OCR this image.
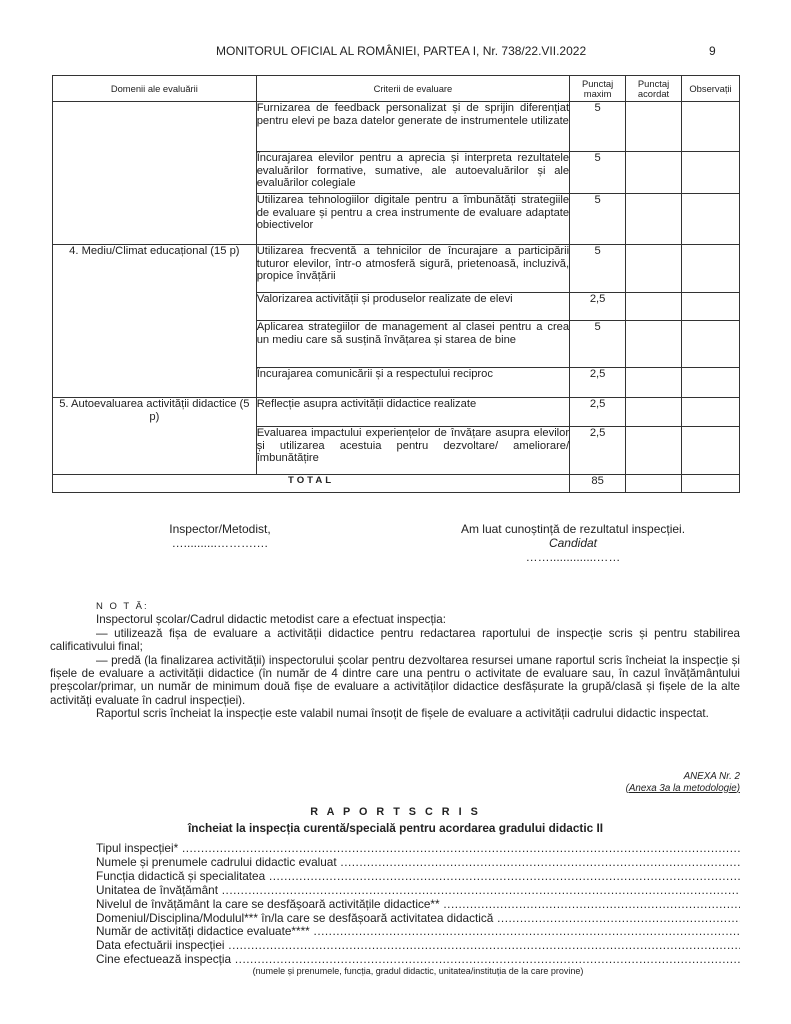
MONITORUL OFICIAL AL ROMÂNIEI, PARTEA I, Nr. 738/22.VII.2022	9
Domenii ale evaluării	Criterii de evaluare	Punctaj maxim	Punctaj acordat	Observații
	Furnizarea de feedback personalizat și de sprijin diferențiat pentru elevi pe baza datelor generate de instrumentele utilizate	5		
	Încurajarea elevilor pentru a aprecia și interpreta rezultatele evaluărilor formative, sumative, ale autoevaluărilor și ale evaluărilor colegiale	5		
	Utilizarea tehnologiilor digitale pentru a îmbunătăți strategiile de evaluare și pentru a crea instrumente de evaluare adaptate obiectivelor	5		
4. Mediu/Climat educațional (15 p)	Utilizarea frecventă a tehnicilor de încurajare a participării tuturor elevilor, într-o atmosferă sigură, prietenoasă, incluzivă, propice învățării	5		
	Valorizarea activității și produselor realizate de elevi	2,5		
	Aplicarea strategiilor de management al clasei pentru a crea un mediu care să susțină învățarea și starea de bine	5		
	Încurajarea comunicării și a respectului reciproc	2,5		
5. Autoevaluarea activității didactice (5 p)	Reflecție asupra activității didactice realizate	2,5		
	Evaluarea impactului experiențelor de învățare asupra elevilor și utilizarea acestuia pentru dezvoltare/ ameliorare/îmbunătățire	2,5		
TOTAL		85		
Inspector/Metodist,
…..........……….…
Am luat cunoștință de rezultatul inspecției.
Candidat
……..............……

N O T Ă:

Inspectorul școlar/Cadrul didactic metodist care a efectuat inspecția:

— utilizează fișa de evaluare a activității didactice pentru redactarea raportului de inspecție scris și pentru stabilirea calificativului final;

— predă (la finalizarea activității) inspectorului școlar pentru dezvoltarea resursei umane raportul scris încheiat la inspecție și fișele de evaluare a activității didactice (în număr de 4 dintre care una pentru o activitate de evaluare sau, în cazul învățământului preșcolar/primar, un număr de minimum două fișe de evaluare a activităților didactice desfășurate la grupă/clasă și fișele de la alte activități evaluate în cadrul inspecției).

Raportul scris încheiat la inspecție este valabil numai însoțit de fișele de evaluare a activității cadrului didactic inspectat.

ANEXA Nr. 2
(Anexa 3a la metodologie)
R A P O R T S C R I S
încheiat la inspecția curentă/specială pentru acordarea gradului didactic II
Tipul inspecției* .....
Numele și prenumele cadrului didactic evaluat .....
Funcția didactică și specialitatea .....
Unitatea de învățământ .....
Nivelul de învățământ la care se desfășoară activitățile didactice** .....
Domeniul/Disciplina/Modulul*** în/la care se desfășoară activitatea didactică .....
Număr de activități didactice evaluate**** .....
Data efectuării inspecției .....
Cine efectuează inspecția .....
(numele și prenumele, funcția, gradul didactic, unitatea/instituția de la care provine)
